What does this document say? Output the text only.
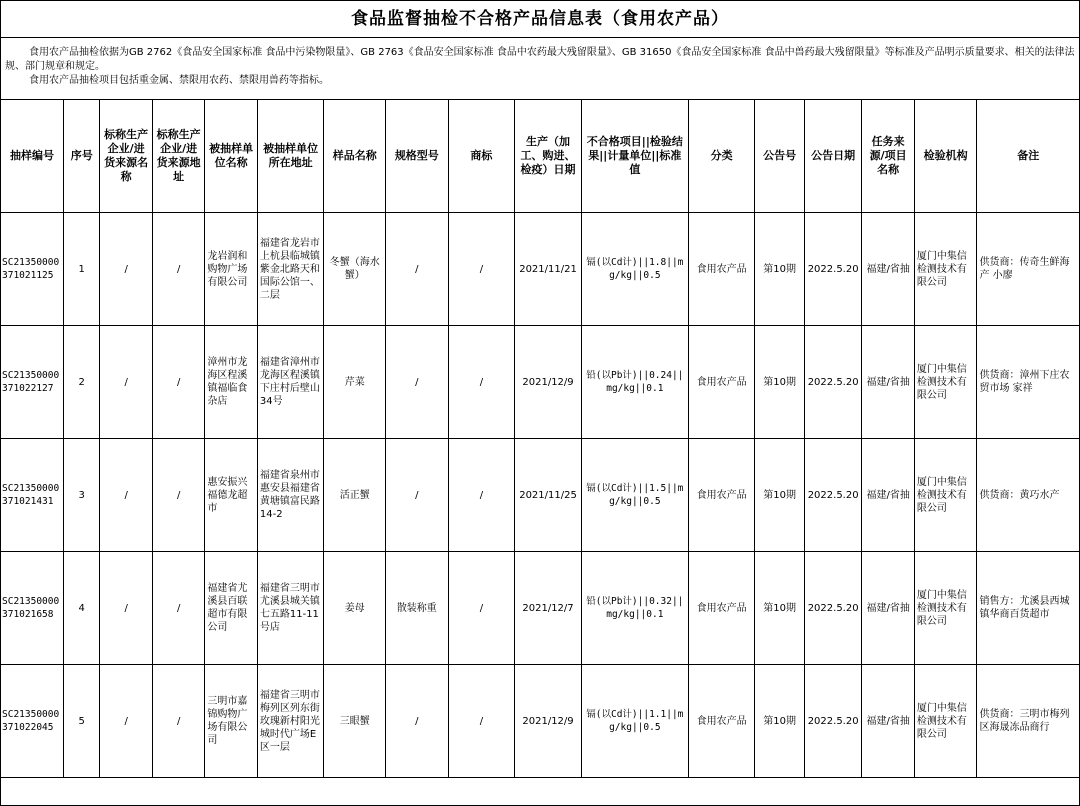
食品监督抽检不合格产品信息表（食用农产品）

食用农产品抽检依据为GB 2762《食品安全国家标准 食品中污染物限量》、GB 2763《食品安全国家标准 食品中农药最大残留限量》、GB 31650《食品安全国家标准 食品中兽药最大残留限量》等标准及产品明示质量要求、相关的法律法规、部门规章和规定。

食用农产品抽检项目包括重金属、禁限用农药、禁限用兽药等指标。

抽样编号	序号	标称生产企业/进货来源名称	标称生产企业/进货来源地址	被抽样单位名称	被抽样单位所在地址	样品名称	规格型号	商标	生产（加工、购进、检疫）日期	不合格项目||检验结果||计量单位||标准值	分类	公告号	公告日期	任务来源/项目名称	检验机构	备注
SC21350000371021125	1	/	/	龙岩润和购物广场有限公司	福建省龙岩市上杭县临城镇紫金北路天和国际公馆一、二层	冬蟹（海水蟹）	/	/	2021/11/21	镉(以Cd计)||1.8||mg/kg||0.5	食用农产品	第10期	2022.5.20	福建/省抽	厦门中集信检测技术有限公司	供货商：传奇生鲜海产 小廖
SC21350000371022127	2	/	/	漳州市龙海区程溪镇福临食杂店	福建省漳州市龙海区程溪镇下庄村后壁山34号	芹菜	/	/	2021/12/9	铅(以Pb计)||0.24||mg/kg||0.1	食用农产品	第10期	2022.5.20	福建/省抽	厦门中集信检测技术有限公司	供货商：漳州下庄农贸市场 家祥
SC21350000371021431	3	/	/	惠安振兴福德龙超市	福建省泉州市惠安县福建省黄塘镇富民路14-2	活正蟹	/	/	2021/11/25	镉(以Cd计)||1.5||mg/kg||0.5	食用农产品	第10期	2022.5.20	福建/省抽	厦门中集信检测技术有限公司	供货商：黄巧水产
SC21350000371021658	4	/	/	福建省尤溪县百联超市有限公司	福建省三明市尤溪县城关镇七五路11-11号店	姜母	散装称重	/	2021/12/7	铅(以Pb计)||0.32||mg/kg||0.1	食用农产品	第10期	2022.5.20	福建/省抽	厦门中集信检测技术有限公司	销售方：尤溪县西城镇华商百货超市
SC21350000371022045	5	/	/	三明市嘉锦购物广场有限公司	福建省三明市梅列区列东街玫瑰新村阳光城时代广场E区一层	三眼蟹	/	/	2021/12/9	镉(以Cd计)||1.1||mg/kg||0.5	食用农产品	第10期	2022.5.20	福建/省抽	厦门中集信检测技术有限公司	供货商：三明市梅列区海晟冻品商行
